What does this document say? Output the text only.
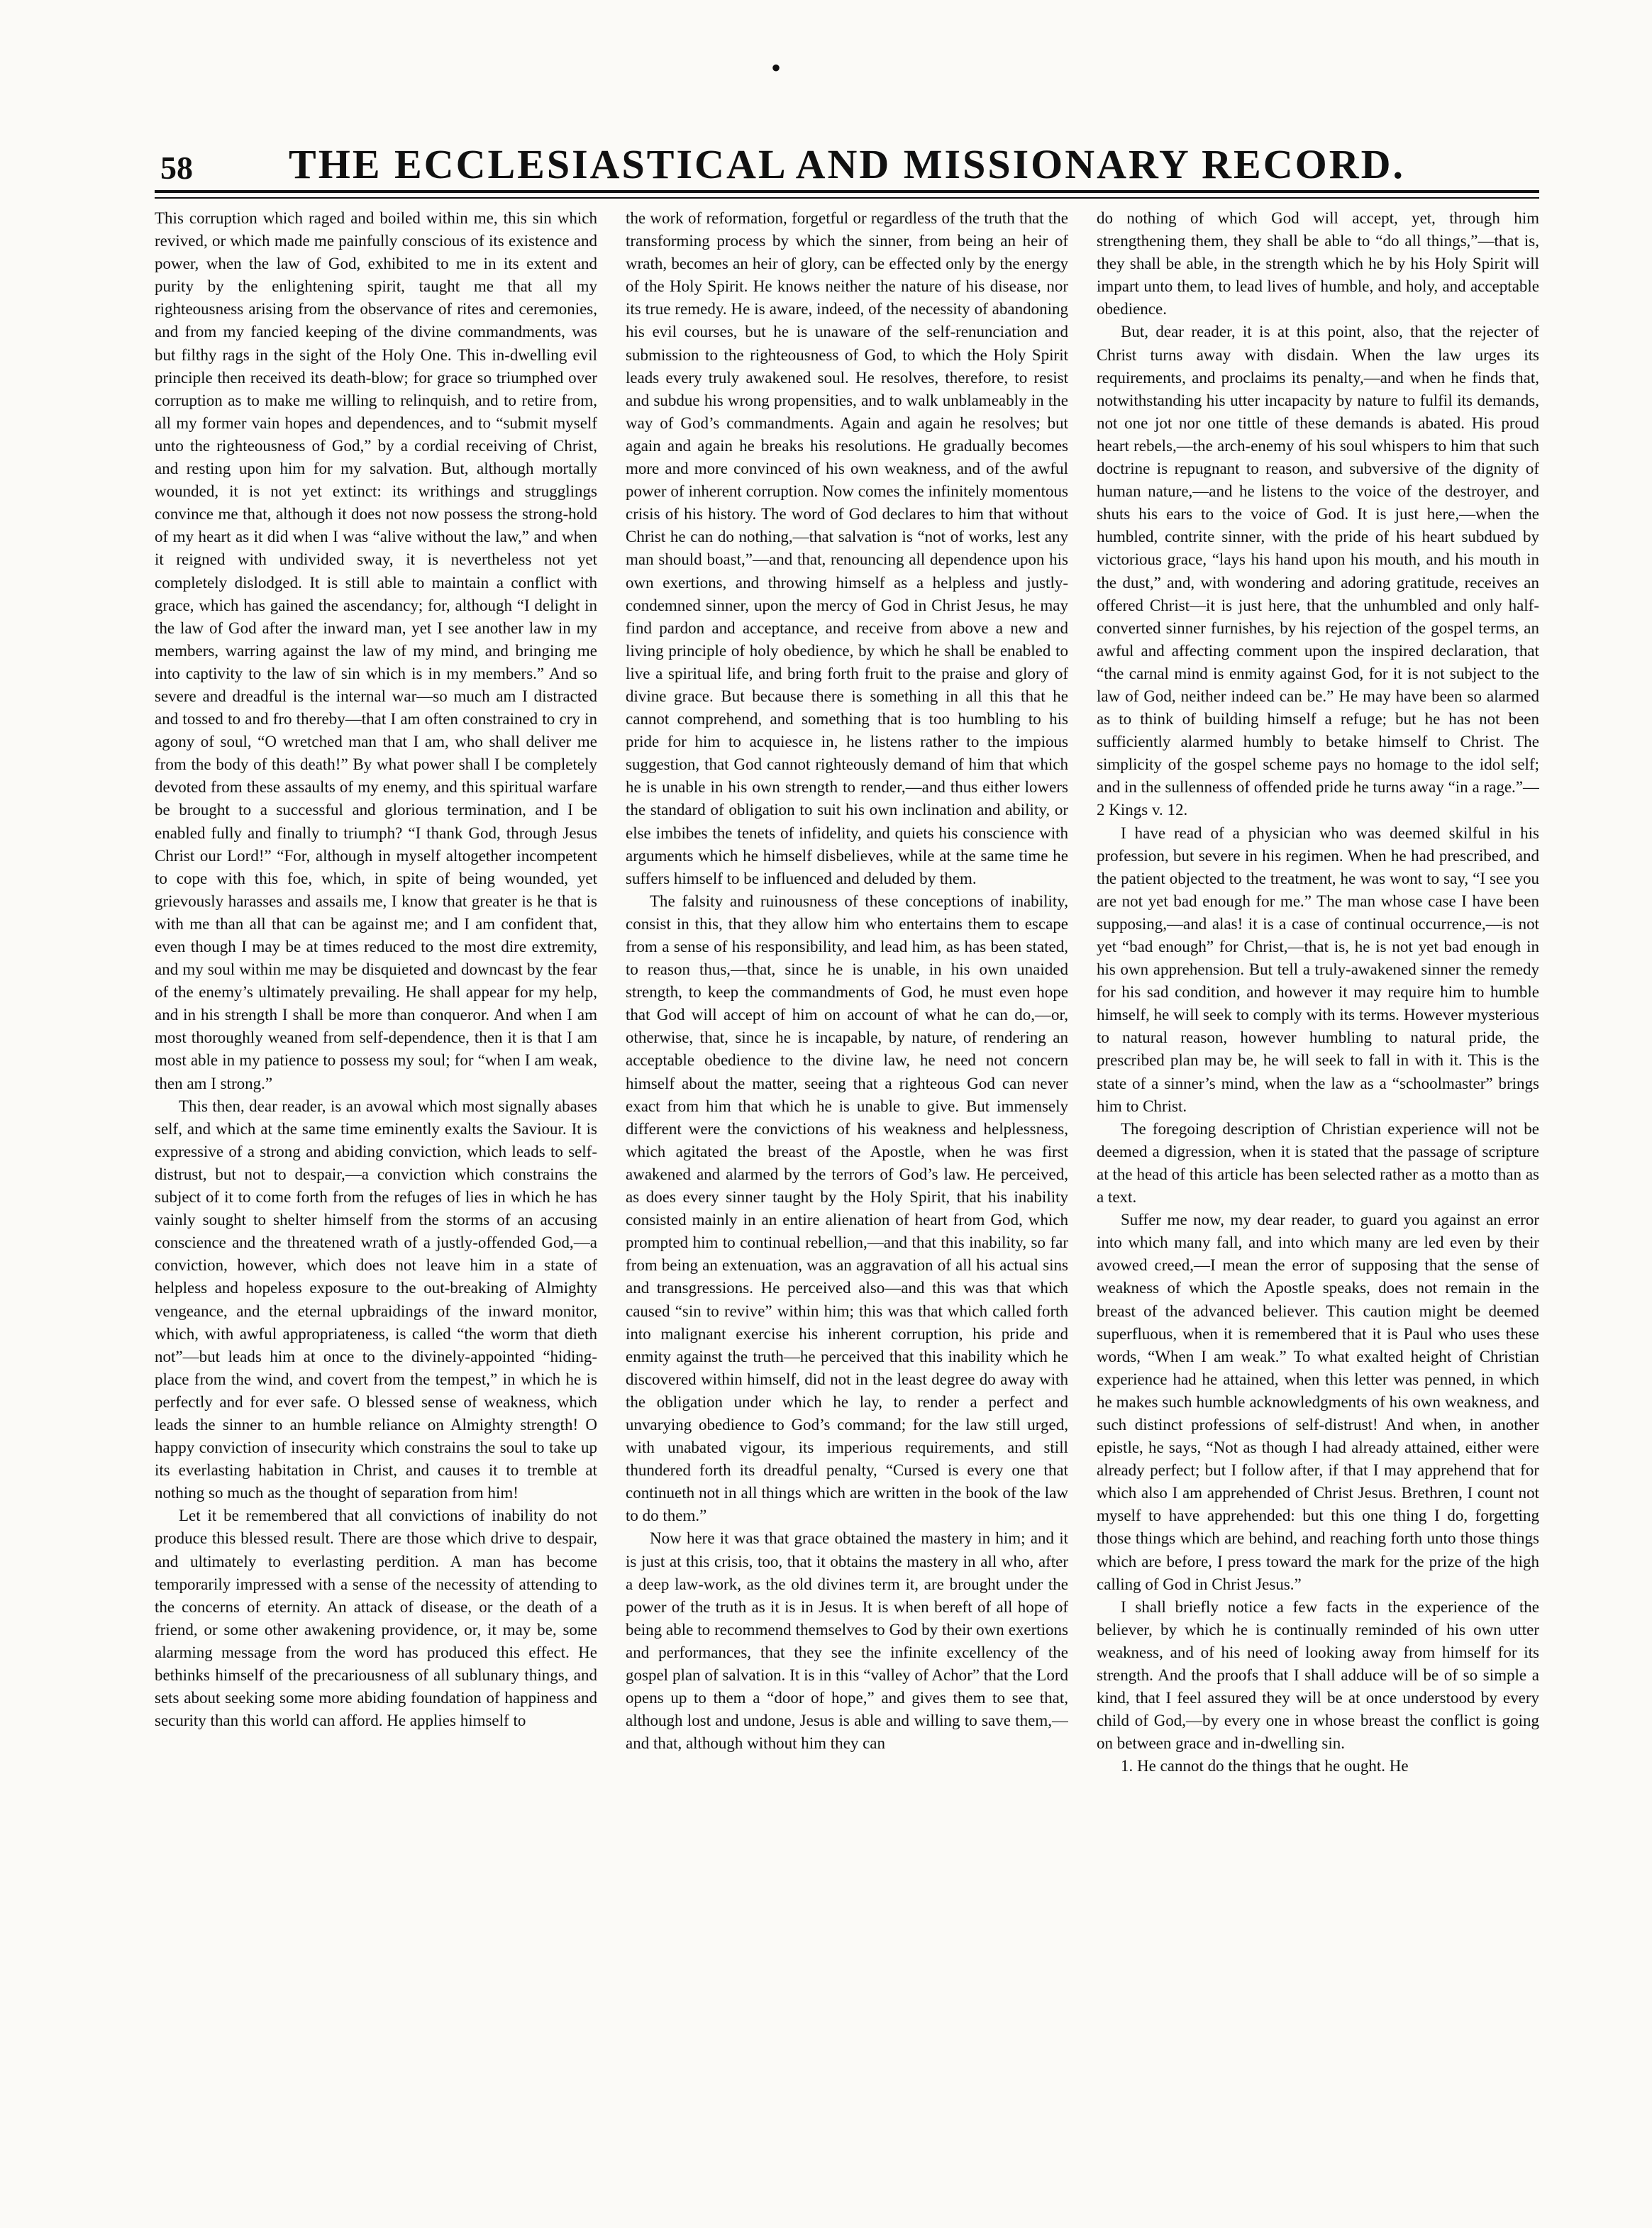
•
58	THE ECCLESIASTICAL AND MISSIONARY RECORD.

This corruption which raged and boiled within me, this sin which revived, or which made me painfully conscious of its existence and power, when the law of God, exhibited to me in its extent and purity by the enlightening spirit, taught me that all my righteousness arising from the observance of rites and ceremonies, and from my fancied keeping of the divine commandments, was but filthy rags in the sight of the Holy One. This in-dwelling evil principle then received its death-blow; for grace so triumphed over corruption as to make me willing to relinquish, and to retire from, all my former vain hopes and dependences, and to “submit myself unto the righteousness of God,” by a cordial receiving of Christ, and resting upon him for my salvation. But, although mortally wounded, it is not yet extinct: its writhings and strugglings convince me that, although it does not now possess the strong-hold of my heart as it did when I was “alive without the law,” and when it reigned with undivided sway, it is nevertheless not yet completely dislodged. It is still able to maintain a conflict with grace, which has gained the ascendancy; for, although “I delight in the law of God after the inward man, yet I see another law in my members, warring against the law of my mind, and bringing me into captivity to the law of sin which is in my members.” And so severe and dreadful is the internal war—so much am I distracted and tossed to and fro thereby—that I am often constrained to cry in agony of soul, “O wretched man that I am, who shall deliver me from the body of this death!” By what power shall I be completely devoted from these assaults of my enemy, and this spiritual warfare be brought to a successful and glorious termination, and I be enabled fully and finally to triumph? “I thank God, through Jesus Christ our Lord!” “For, although in myself altogether incompetent to cope with this foe, which, in spite of being wounded, yet grievously harasses and assails me, I know that greater is he that is with me than all that can be against me; and I am confident that, even though I may be at times reduced to the most dire extremity, and my soul within me may be disquieted and downcast by the fear of the enemy’s ultimately prevailing. He shall appear for my help, and in his strength I shall be more than conqueror. And when I am most thoroughly weaned from self-dependence, then it is that I am most able in my patience to possess my soul; for “when I am weak, then am I strong.”

This then, dear reader, is an avowal which most signally abases self, and which at the same time eminently exalts the Saviour. It is expressive of a strong and abiding conviction, which leads to self-distrust, but not to despair,—a conviction which constrains the subject of it to come forth from the refuges of lies in which he has vainly sought to shelter himself from the storms of an accusing conscience and the threatened wrath of a justly-offended God,—a conviction, however, which does not leave him in a state of helpless and hopeless exposure to the out-breaking of Almighty vengeance, and the eternal upbraidings of the inward monitor, which, with awful appropriateness, is called “the worm that dieth not”—but leads him at once to the divinely-appointed “hiding-place from the wind, and covert from the tempest,” in which he is perfectly and for ever safe. O blessed sense of weakness, which leads the sinner to an humble reliance on Almighty strength! O happy conviction of insecurity which constrains the soul to take up its everlasting habitation in Christ, and causes it to tremble at nothing so much as the thought of separation from him!

Let it be remembered that all convictions of inability do not produce this blessed result. There are those which drive to despair, and ultimately to everlasting perdition. A man has become temporarily impressed with a sense of the necessity of attending to the concerns of eternity. An attack of disease, or the death of a friend, or some other awakening providence, or, it may be, some alarming message from the word has produced this effect. He bethinks himself of the precariousness of all sublunary things, and sets about seeking some more abiding foundation of happiness and security than this world can afford. He applies himself to

the work of reformation, forgetful or regardless of the truth that the transforming process by which the sinner, from being an heir of wrath, becomes an heir of glory, can be effected only by the energy of the Holy Spirit. He knows neither the nature of his disease, nor its true remedy. He is aware, indeed, of the necessity of abandoning his evil courses, but he is unaware of the self-renunciation and submission to the righteousness of God, to which the Holy Spirit leads every truly awakened soul. He resolves, therefore, to resist and subdue his wrong propensities, and to walk unblameably in the way of God’s commandments. Again and again he resolves; but again and again he breaks his resolutions. He gradually becomes more and more convinced of his own weakness, and of the awful power of inherent corruption. Now comes the infinitely momentous crisis of his history. The word of God declares to him that without Christ he can do nothing,—that salvation is “not of works, lest any man should boast,”—and that, renouncing all dependence upon his own exertions, and throwing himself as a helpless and justly-condemned sinner, upon the mercy of God in Christ Jesus, he may find pardon and acceptance, and receive from above a new and living principle of holy obedience, by which he shall be enabled to live a spiritual life, and bring forth fruit to the praise and glory of divine grace. But because there is something in all this that he cannot comprehend, and something that is too humbling to his pride for him to acquiesce in, he listens rather to the impious suggestion, that God cannot righteously demand of him that which he is unable in his own strength to render,—and thus either lowers the standard of obligation to suit his own inclination and ability, or else imbibes the tenets of infidelity, and quiets his conscience with arguments which he himself disbelieves, while at the same time he suffers himself to be influenced and deluded by them.

The falsity and ruinousness of these conceptions of inability, consist in this, that they allow him who entertains them to escape from a sense of his responsibility, and lead him, as has been stated, to reason thus,—that, since he is unable, in his own unaided strength, to keep the commandments of God, he must even hope that God will accept of him on account of what he can do,—or, otherwise, that, since he is incapable, by nature, of rendering an acceptable obedience to the divine law, he need not concern himself about the matter, seeing that a righteous God can never exact from him that which he is unable to give. But immensely different were the convictions of his weakness and helplessness, which agitated the breast of the Apostle, when he was first awakened and alarmed by the terrors of God’s law. He perceived, as does every sinner taught by the Holy Spirit, that his inability consisted mainly in an entire alienation of heart from God, which prompted him to continual rebellion,—and that this inability, so far from being an extenuation, was an aggravation of all his actual sins and transgressions. He perceived also—and this was that which caused “sin to revive” within him; this was that which called forth into malignant exercise his inherent corruption, his pride and enmity against the truth—he perceived that this inability which he discovered within himself, did not in the least degree do away with the obligation under which he lay, to render a perfect and unvarying obedience to God’s command; for the law still urged, with unabated vigour, its imperious requirements, and still thundered forth its dreadful penalty, “Cursed is every one that continueth not in all things which are written in the book of the law to do them.”

Now here it was that grace obtained the mastery in him; and it is just at this crisis, too, that it obtains the mastery in all who, after a deep law-work, as the old divines term it, are brought under the power of the truth as it is in Jesus. It is when bereft of all hope of being able to recommend themselves to God by their own exertions and performances, that they see the infinite excellency of the gospel plan of salvation. It is in this “valley of Achor” that the Lord opens up to them a “door of hope,” and gives them to see that, although lost and undone, Jesus is able and willing to save them,—and that, although without him they can

do nothing of which God will accept, yet, through him strengthening them, they shall be able to “do all things,”—that is, they shall be able, in the strength which he by his Holy Spirit will impart unto them, to lead lives of humble, and holy, and acceptable obedience.

But, dear reader, it is at this point, also, that the rejecter of Christ turns away with disdain. When the law urges its requirements, and proclaims its penalty,—and when he finds that, notwithstanding his utter incapacity by nature to fulfil its demands, not one jot nor one tittle of these demands is abated. His proud heart rebels,—the arch-enemy of his soul whispers to him that such doctrine is repugnant to reason, and subversive of the dignity of human nature,—and he listens to the voice of the destroyer, and shuts his ears to the voice of God. It is just here,—when the humbled, contrite sinner, with the pride of his heart subdued by victorious grace, “lays his hand upon his mouth, and his mouth in the dust,” and, with wondering and adoring gratitude, receives an offered Christ—it is just here, that the unhumbled and only half-converted sinner furnishes, by his rejection of the gospel terms, an awful and affecting comment upon the inspired declaration, that “the carnal mind is enmity against God, for it is not subject to the law of God, neither indeed can be.” He may have been so alarmed as to think of building himself a refuge; but he has not been sufficiently alarmed humbly to betake himself to Christ. The simplicity of the gospel scheme pays no homage to the idol self; and in the sullenness of offended pride he turns away “in a rage.”—2 Kings v. 12.

I have read of a physician who was deemed skilful in his profession, but severe in his regimen. When he had prescribed, and the patient objected to the treatment, he was wont to say, “I see you are not yet bad enough for me.” The man whose case I have been supposing,—and alas! it is a case of continual occurrence,—is not yet “bad enough” for Christ,—that is, he is not yet bad enough in his own apprehension. But tell a truly-awakened sinner the remedy for his sad condition, and however it may require him to humble himself, he will seek to comply with its terms. However mysterious to natural reason, however humbling to natural pride, the prescribed plan may be, he will seek to fall in with it. This is the state of a sinner’s mind, when the law as a “schoolmaster” brings him to Christ.

The foregoing description of Christian experience will not be deemed a digression, when it is stated that the passage of scripture at the head of this article has been selected rather as a motto than as a text.

Suffer me now, my dear reader, to guard you against an error into which many fall, and into which many are led even by their avowed creed,—I mean the error of supposing that the sense of weakness of which the Apostle speaks, does not remain in the breast of the advanced believer. This caution might be deemed superfluous, when it is remembered that it is Paul who uses these words, “When I am weak.” To what exalted height of Christian experience had he attained, when this letter was penned, in which he makes such humble acknowledgments of his own weakness, and such distinct professions of self-distrust! And when, in another epistle, he says, “Not as though I had already attained, either were already perfect; but I follow after, if that I may apprehend that for which also I am apprehended of Christ Jesus. Brethren, I count not myself to have apprehended: but this one thing I do, forgetting those things which are behind, and reaching forth unto those things which are before, I press toward the mark for the prize of the high calling of God in Christ Jesus.”

I shall briefly notice a few facts in the experience of the believer, by which he is continually reminded of his own utter weakness, and of his need of looking away from himself for its strength. And the proofs that I shall adduce will be of so simple a kind, that I feel assured they will be at once understood by every child of God,—by every one in whose breast the conflict is going on between grace and in-dwelling sin.

1. He cannot do the things that he ought. He
